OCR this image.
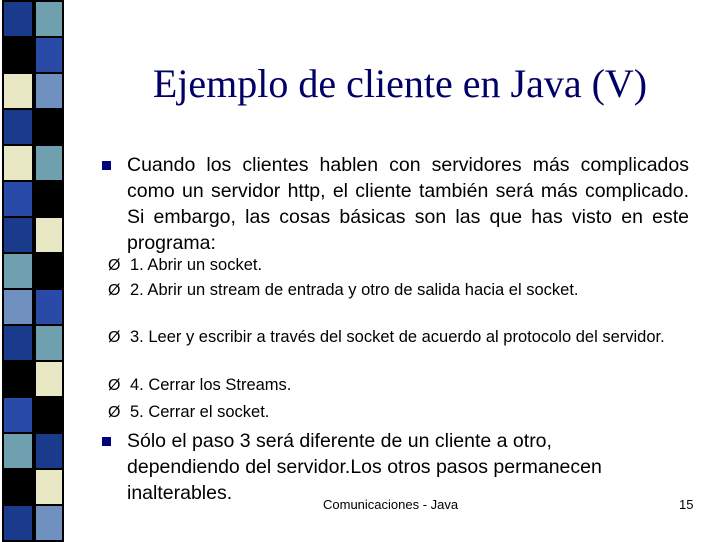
Ejemplo de cliente en Java (V)
Cuando los clientes hablen con servidores más complicados como un servidor http, el cliente también será más complicado. Si embargo, las cosas básicas son las que has visto en este programa:
Ø 1. Abrir un socket.
Ø 2. Abrir un stream de entrada y otro de salida hacia el socket.
Ø 3. Leer y escribir a través del socket de acuerdo al protocolo del servidor.
Ø 4. Cerrar los Streams.
Ø 5. Cerrar el socket.
Sólo el paso 3 será diferente de un cliente a otro, dependiendo del servidor.Los otros pasos permanecen inalterables.
Comunicaciones - Java	15
